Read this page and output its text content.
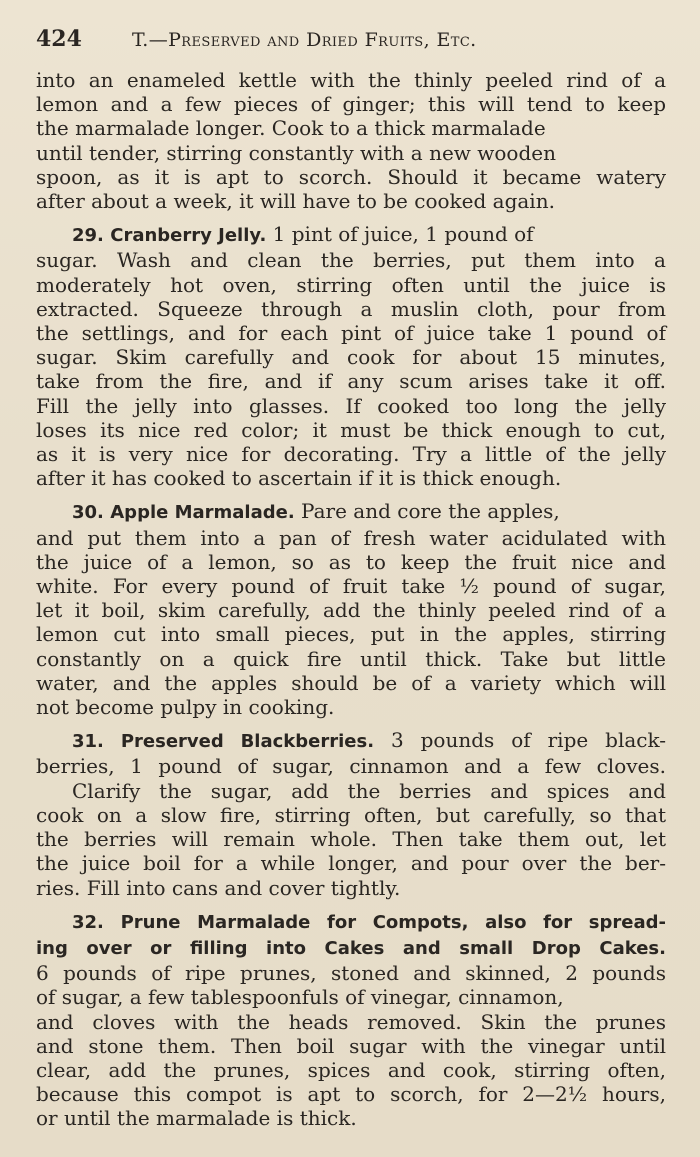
424	T.—Preserved and Dried Fruits, Etc.
into an enameled kettle with the thinly peeled rind of a
lemon and a few pieces of ginger; this will tend to keep
the marmalade longer. Cook to a thick marmalade
until tender, stirring constantly with a new wooden
spoon, as it is apt to scorch. Should it became watery
after about a week, it will have to be cooked again.
29. Cranberry Jelly. 1 pint of juice, 1 pound of
sugar. Wash and clean the berries, put them into a
moderately hot oven, stirring often until the juice is
extracted. Squeeze through a muslin cloth, pour from
the settlings, and for each pint of juice take 1 pound of
sugar. Skim carefully and cook for about 15 minutes,
take from the fire, and if any scum arises take it off.
Fill the jelly into glasses. If cooked too long the jelly
loses its nice red color; it must be thick enough to cut,
as it is very nice for decorating. Try a little of the jelly
after it has cooked to ascertain if it is thick enough.
30. Apple Marmalade. Pare and core the apples,
and put them into a pan of fresh water acidulated with
the juice of a lemon, so as to keep the fruit nice and
white. For every pound of fruit take ½ pound of sugar,
let it boil, skim carefully, add the thinly peeled rind of a
lemon cut into small pieces, put in the apples, stirring
constantly on a quick fire until thick. Take but little
water, and the apples should be of a variety which will
not become pulpy in cooking.
31. Preserved Blackberries. 3 pounds of ripe black-
berries, 1 pound of sugar, cinnamon and a few cloves.
Clarify the sugar, add the berries and spices and
cook on a slow fire, stirring often, but carefully, so that
the berries will remain whole. Then take them out, let
the juice boil for a while longer, and pour over the ber-
ries. Fill into cans and cover tightly.
32. Prune Marmalade for Compots, also for spread-
ing over or filling into Cakes and small Drop Cakes.
6 pounds of ripe prunes, stoned and skinned, 2 pounds
of sugar, a few tablespoonfuls of vinegar, cinnamon,
and cloves with the heads removed. Skin the prunes
and stone them. Then boil sugar with the vinegar until
clear, add the prunes, spices and cook, stirring often,
because this compot is apt to scorch, for 2—2½ hours,
or until the marmalade is thick.
